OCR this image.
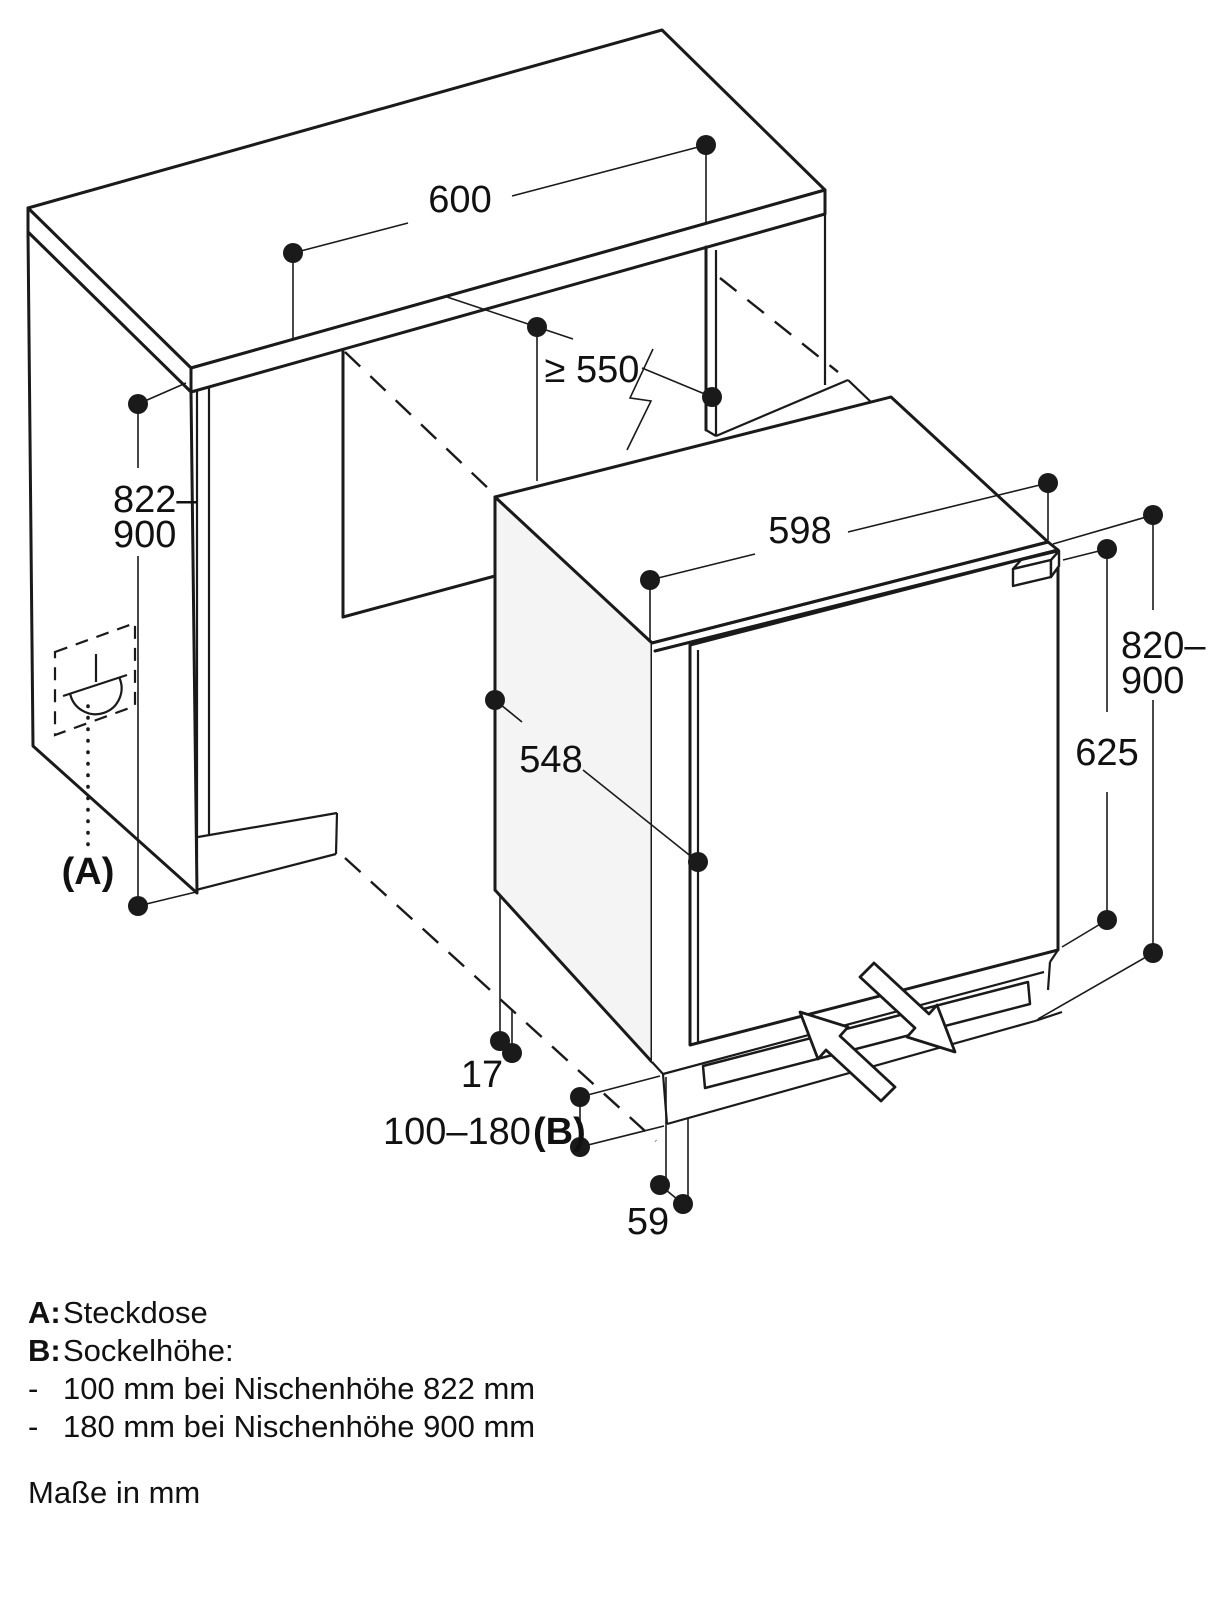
(A)
600
≥ 550
822–
900	598
548	625
820–
900
17
100–180 (B)
59
A: Steckdose
B: Sockelhöhe:
- 100 mm bei Nischenhöhe 822 mm
- 180 mm bei Nischenhöhe 900 mm
Maße in mm
